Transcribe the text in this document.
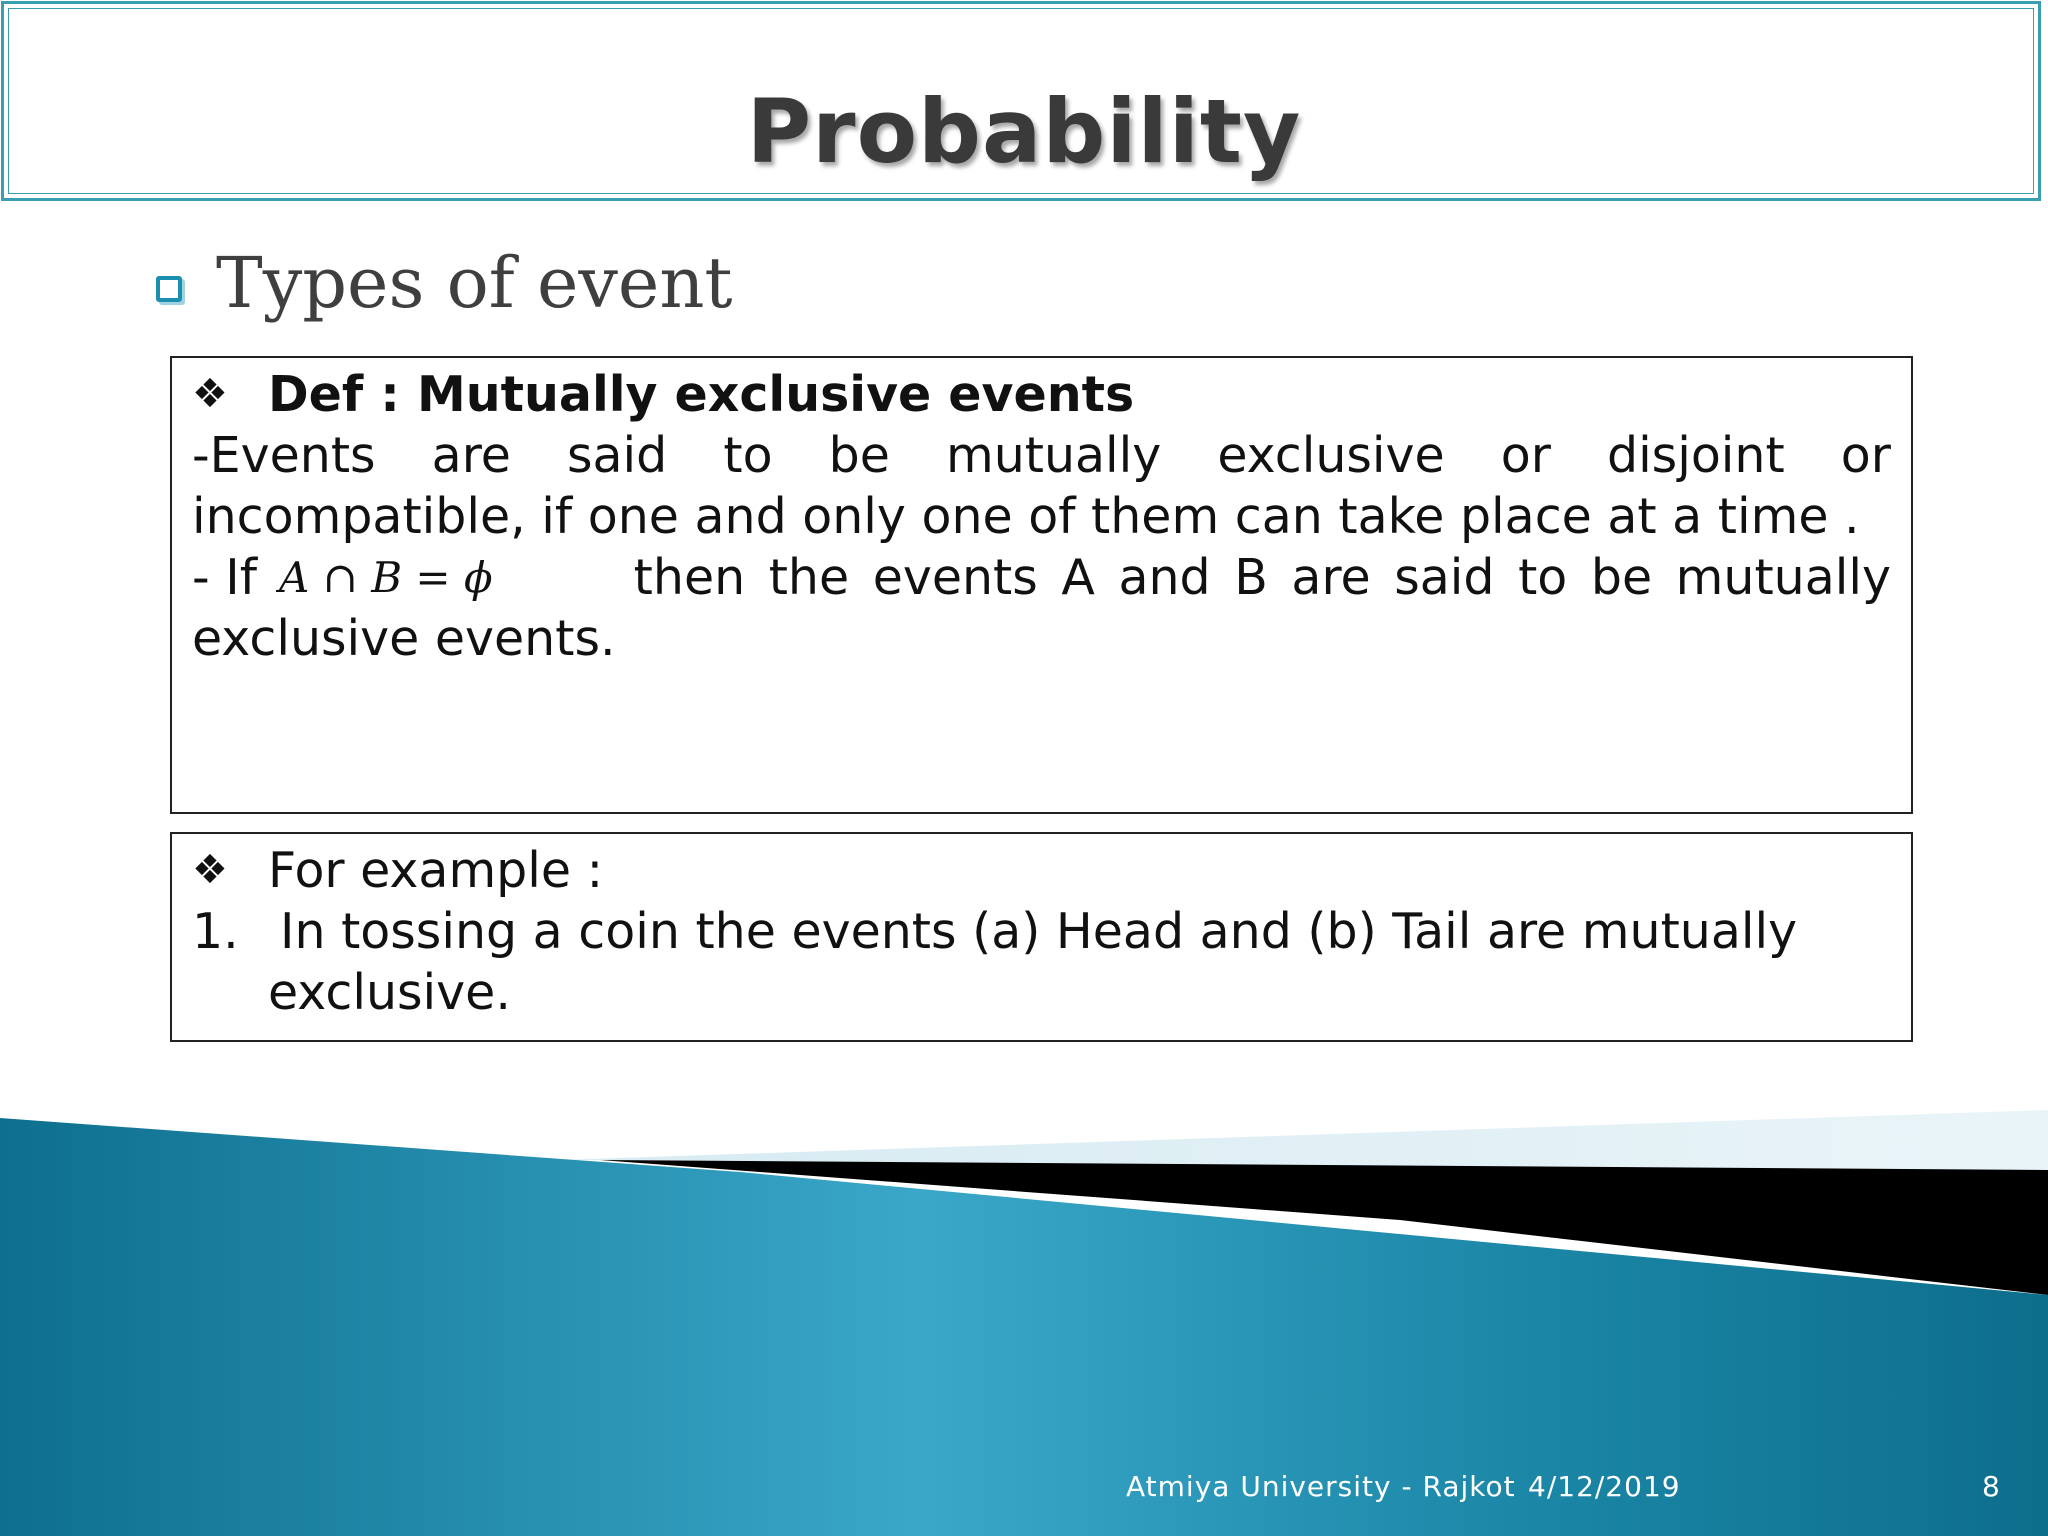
Probability
Types of event
❖ Def : Mutually exclusive events
-Events are said to be mutually exclusive or disjoint or
incompatible, if one and only one of them can take place at a time .
- If A ∩ B = ϕ	then the events A and B are said to be mutually
exclusive events.
❖ For example :
1. In tossing a coin the events (a) Head and (b) Tail are mutually
exclusive.
Atmiya University - Rajkot 4/12/2019	8
